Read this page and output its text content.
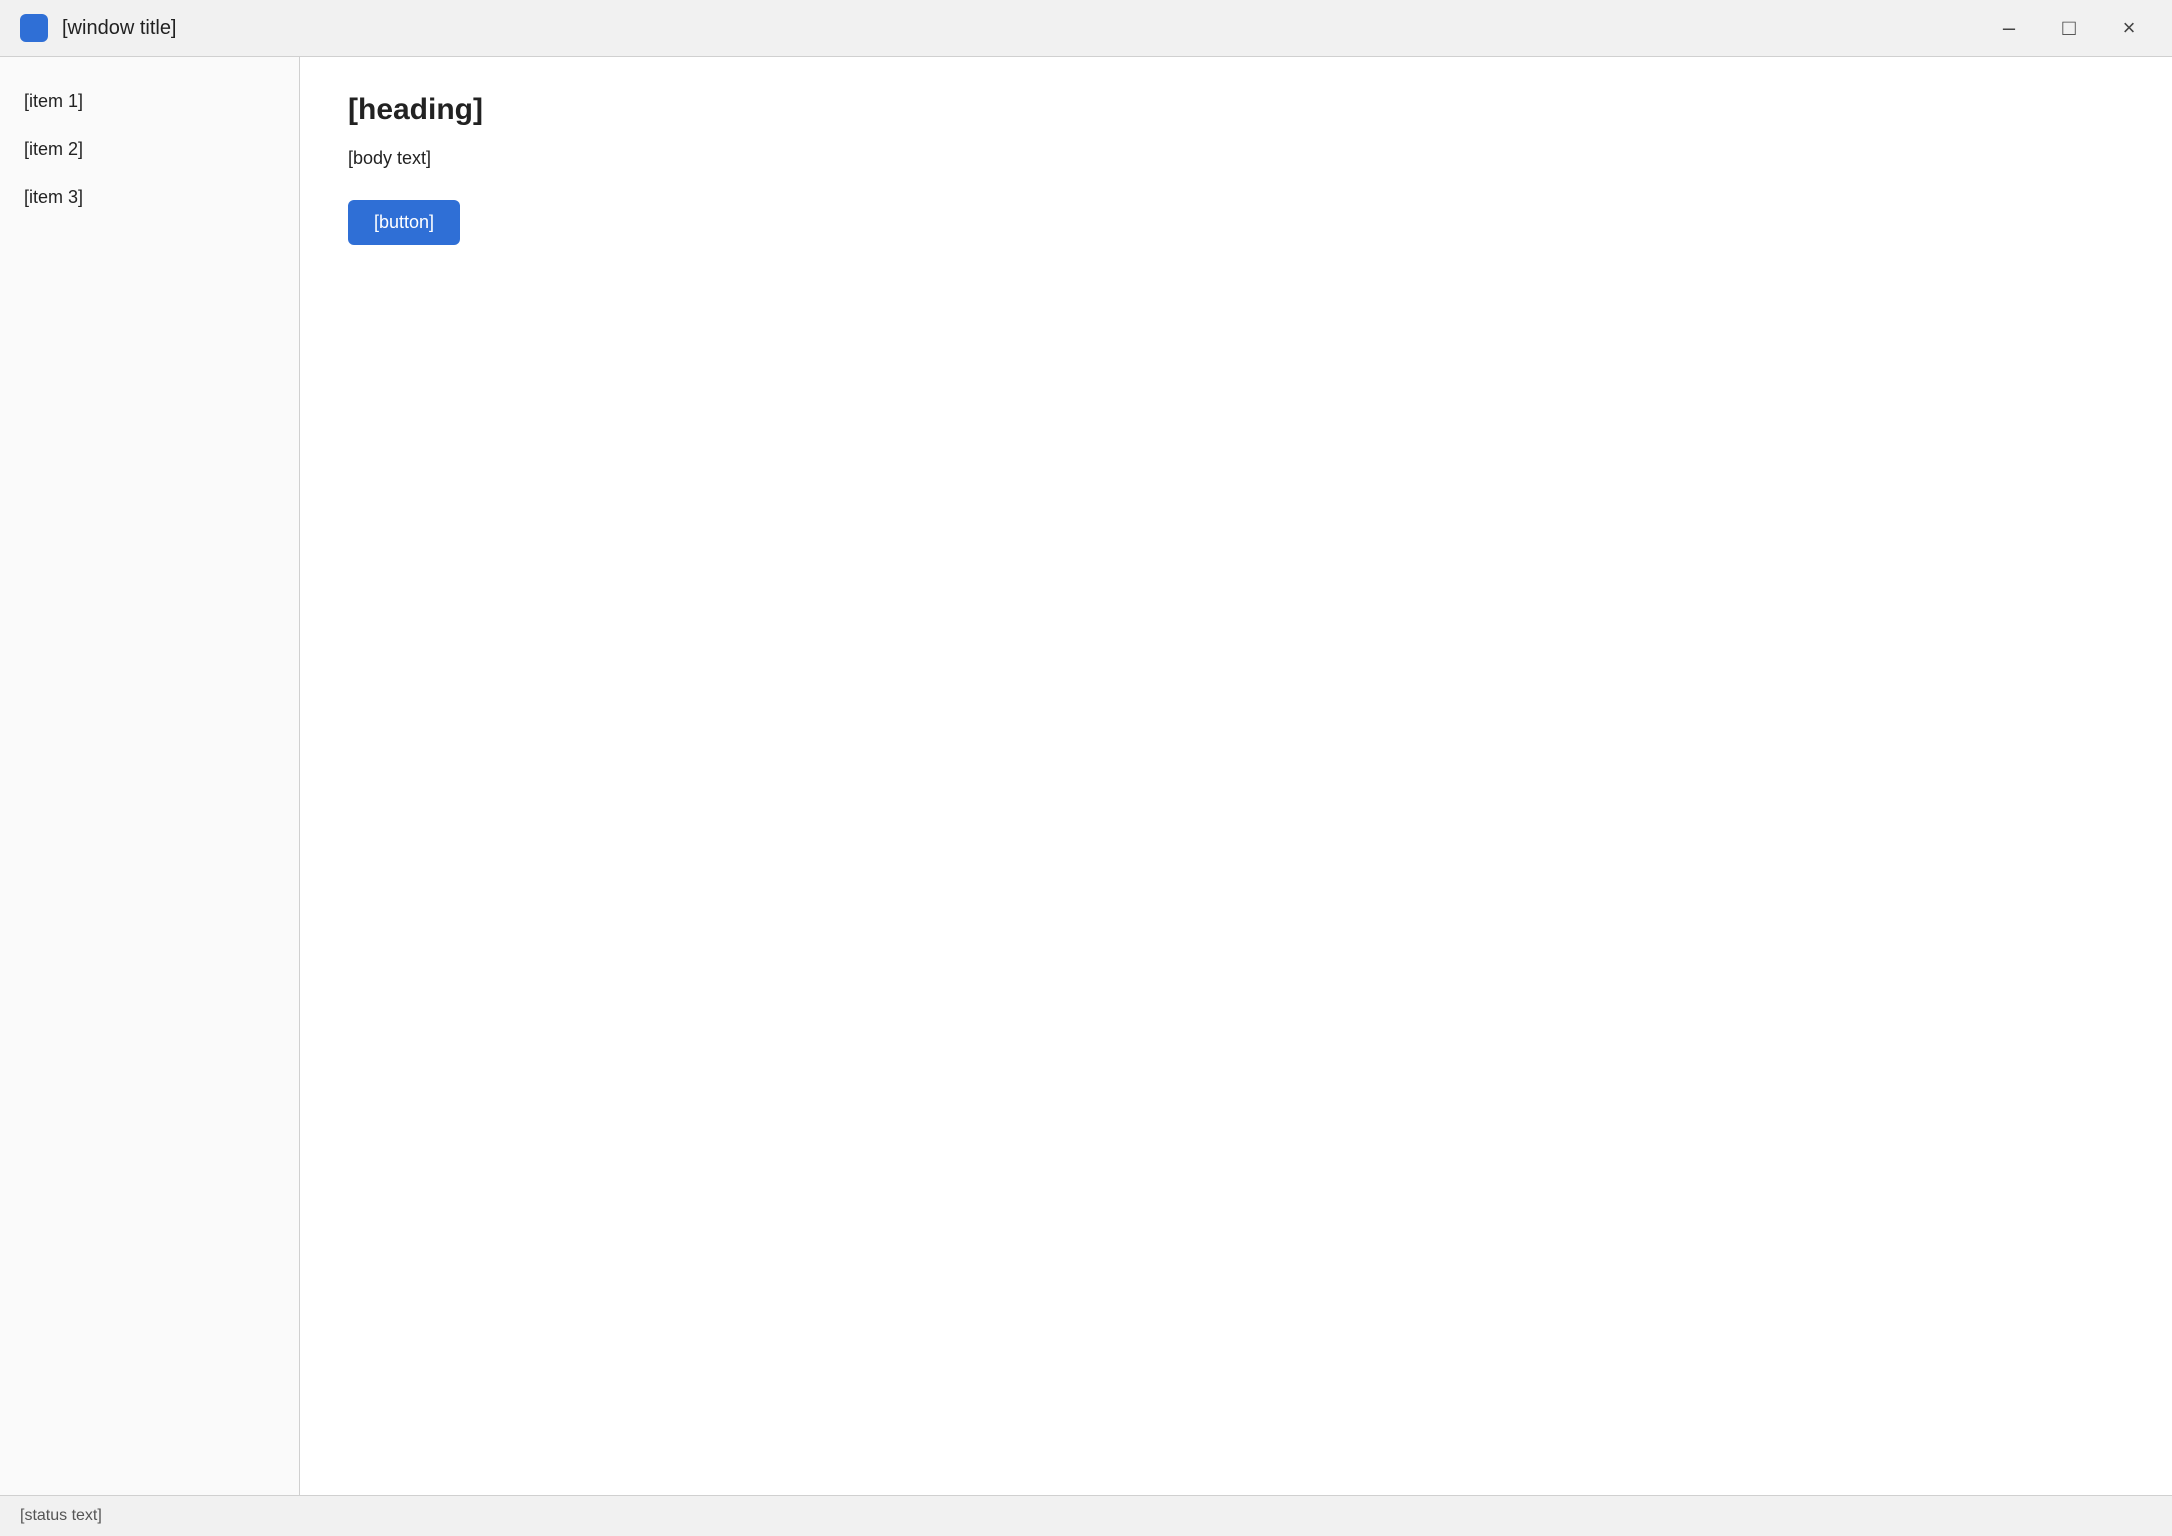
[window title]	–	□	×
[item 1]
[item 2]
[item 3]
[heading]

[body text]

[button]
[status text]
